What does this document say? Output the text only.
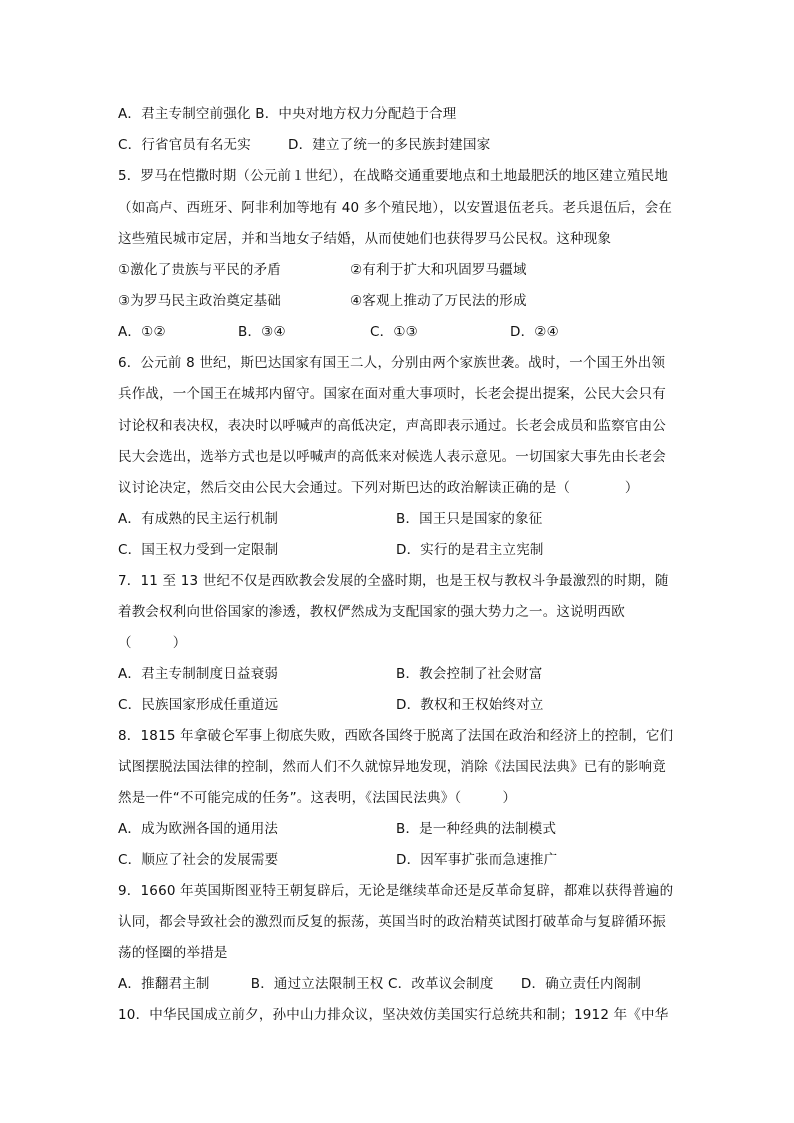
A．君主专制空前强化 B．中央对地方权力分配趋于合理
C．行省官员有名无实	D．建立了统一的多民族封建国家
5．罗马在恺撒时期（公元前１世纪），在战略交通重要地点和土地最肥沃的地区建立殖民地
（如高卢、西班牙、阿非利加等地有 40 多个殖民地），以安置退伍老兵。老兵退伍后，会在
这些殖民城市定居，并和当地女子结婚，从而使她们也获得罗马公民权。这种现象
①激化了贵族与平民的矛盾	②有利于扩大和巩固罗马疆域
③为罗马民主政治奠定基础	④客观上推动了万民法的形成
A．①②	B．③④	C．①③	D．②④
6．公元前 8 世纪，斯巴达国家有国王二人，分别由两个家族世袭。战时，一个国王外出领
兵作战，一个国王在城邦内留守。国家在面对重大事项时，长老会提出提案，公民大会只有
讨论权和表决权，表决时以呼喊声的高低决定，声高即表示通过。长老会成员和监察官由公
民大会选出，选举方式也是以呼喊声的高低来对候选人表示意见。一切国家大事先由长老会
议讨论决定，然后交由公民大会通过。下列对斯巴达的政治解读正确的是（　　　　）
A．有成熟的民主运行机制	B．国王只是国家的象征
C．国王权力受到一定限制	D．实行的是君主立宪制
7．11 至 13 世纪不仅是西欧教会发展的全盛时期，也是王权与教权斗争最激烈的时期，随
着教会权利向世俗国家的渗透，教权俨然成为支配国家的强大势力之一。这说明西欧
（　　　）
A．君主专制制度日益衰弱	B．教会控制了社会财富
C．民族国家形成任重道远	D．教权和王权始终对立
8．1815 年拿破仑军事上彻底失败，西欧各国终于脱离了法国在政治和经济上的控制，它们
试图摆脱法国法律的控制，然而人们不久就惊异地发现，消除《法国民法典》已有的影响竟
然是一件“不可能完成的任务”。这表明，《法国民法典》（　　　）
A．成为欧洲各国的通用法	B．是一种经典的法制模式
C．顺应了社会的发展需要	D．因军事扩张而急速推广
9．1660 年英国斯图亚特王朝复辟后，无论是继续革命还是反革命复辟，都难以获得普遍的
认同，都会导致社会的激烈而反复的振荡，英国当时的政治精英试图打破革命与复辟循环振
荡的怪圈的举措是
A．推翻君主制　　　B．通过立法限制王权 C．改革议会制度　　D．确立责任内阁制
10．中华民国成立前夕，孙中山力排众议，坚决效仿美国实行总统共和制；1912 年《中华
